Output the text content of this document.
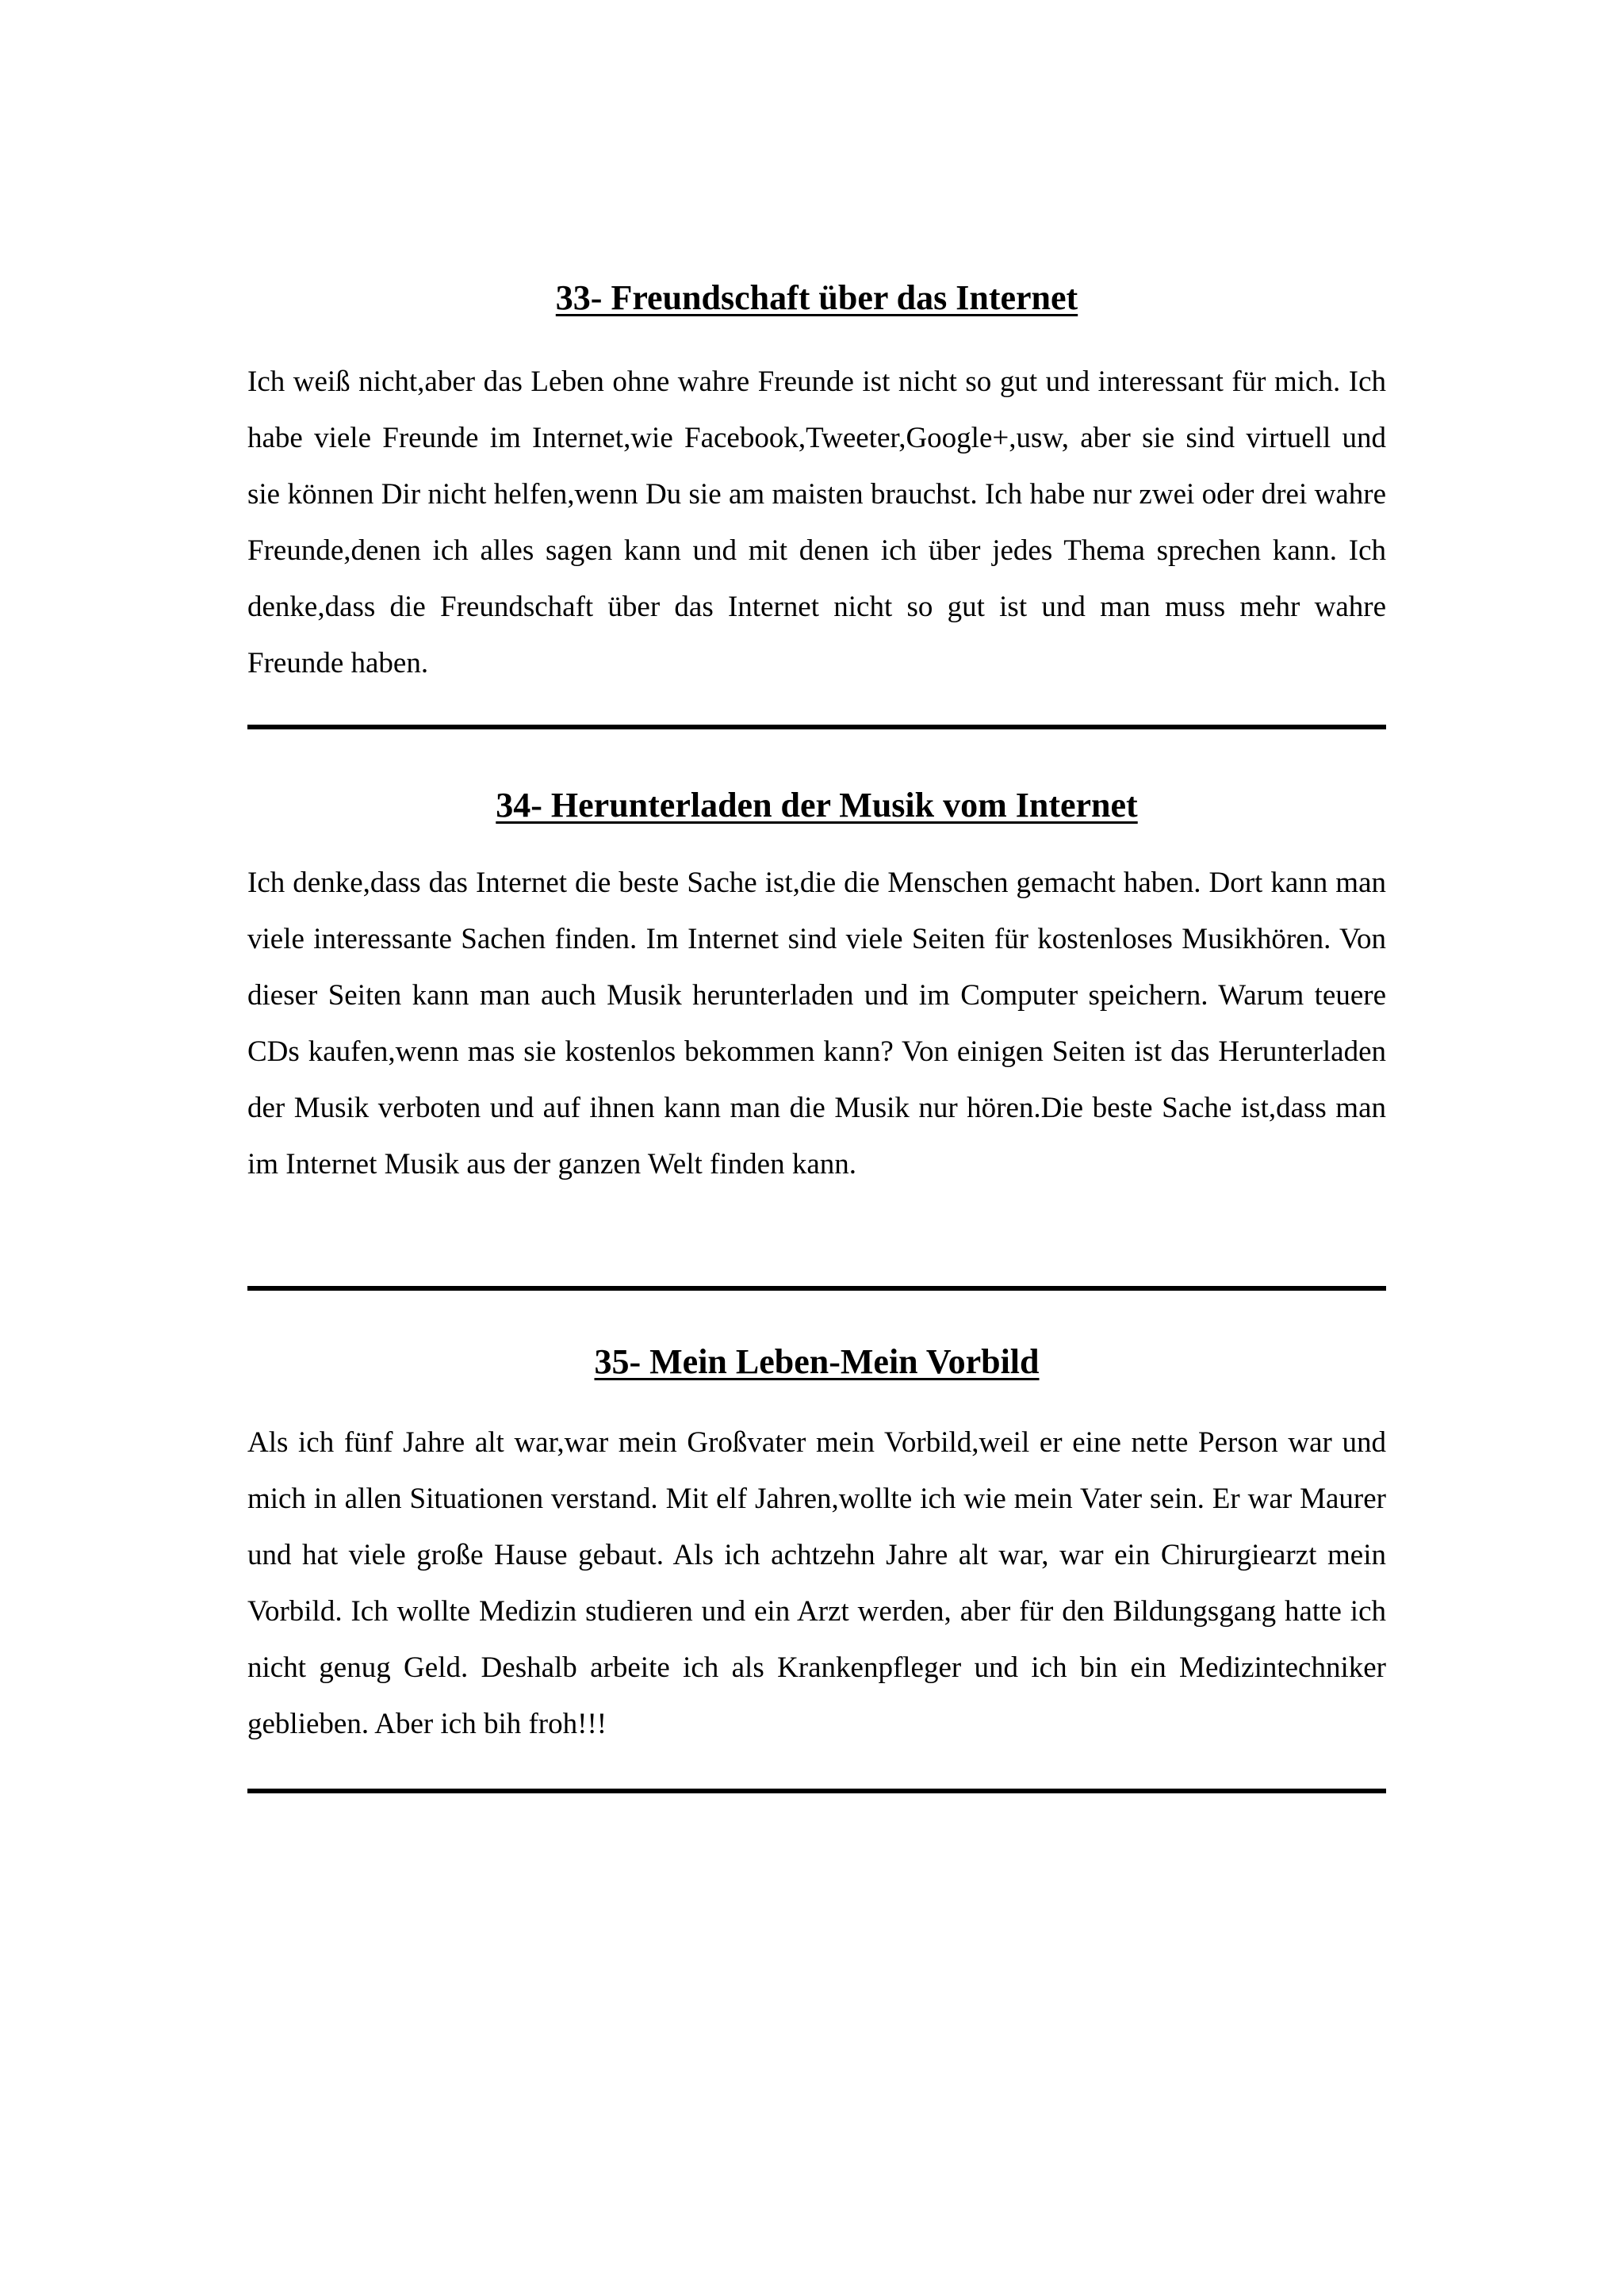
33- Freundschaft über das Internet

Ich weiß nicht,aber das Leben ohne wahre Freunde ist nicht so gut und interessant für mich. Ich habe viele Freunde im Internet,wie Facebook,Tweeter,Google+,usw, aber sie sind virtuell und sie können Dir nicht helfen,wenn Du sie am maisten brauchst. Ich habe nur zwei oder drei wahre Freunde,denen ich alles sagen kann und mit denen ich über jedes Thema sprechen kann. Ich denke,dass die Freundschaft über das Internet nicht so gut ist und man muss mehr wahre Freunde haben.

34- Herunterladen der Musik vom Internet

Ich denke,dass das Internet die beste Sache ist,die die Menschen gemacht haben. Dort kann man viele interessante Sachen finden. Im Internet sind viele Seiten für kostenloses Musikhören. Von dieser Seiten kann man auch Musik herunterladen und im Computer speichern. Warum teuere CDs kaufen,wenn mas sie kostenlos bekommen kann? Von einigen Seiten ist das Herunterladen der Musik verboten und auf ihnen kann man die Musik nur hören.Die beste Sache ist,dass man im Internet Musik aus der ganzen Welt finden kann.

35- Mein Leben-Mein Vorbild

Als ich fünf Jahre alt war,war mein Großvater mein Vorbild,weil er eine nette Person war und mich in allen Situationen verstand. Mit elf Jahren,wollte ich wie mein Vater sein. Er war Maurer und hat viele große Hause gebaut. Als ich achtzehn Jahre alt war, war ein Chirurgiearzt mein Vorbild. Ich wollte Medizin studieren und ein Arzt werden, aber für den Bildungsgang hatte ich nicht genug Geld. Deshalb arbeite ich als Krankenpfleger und ich bin ein Medizintechniker geblieben. Aber ich bih froh!!!
